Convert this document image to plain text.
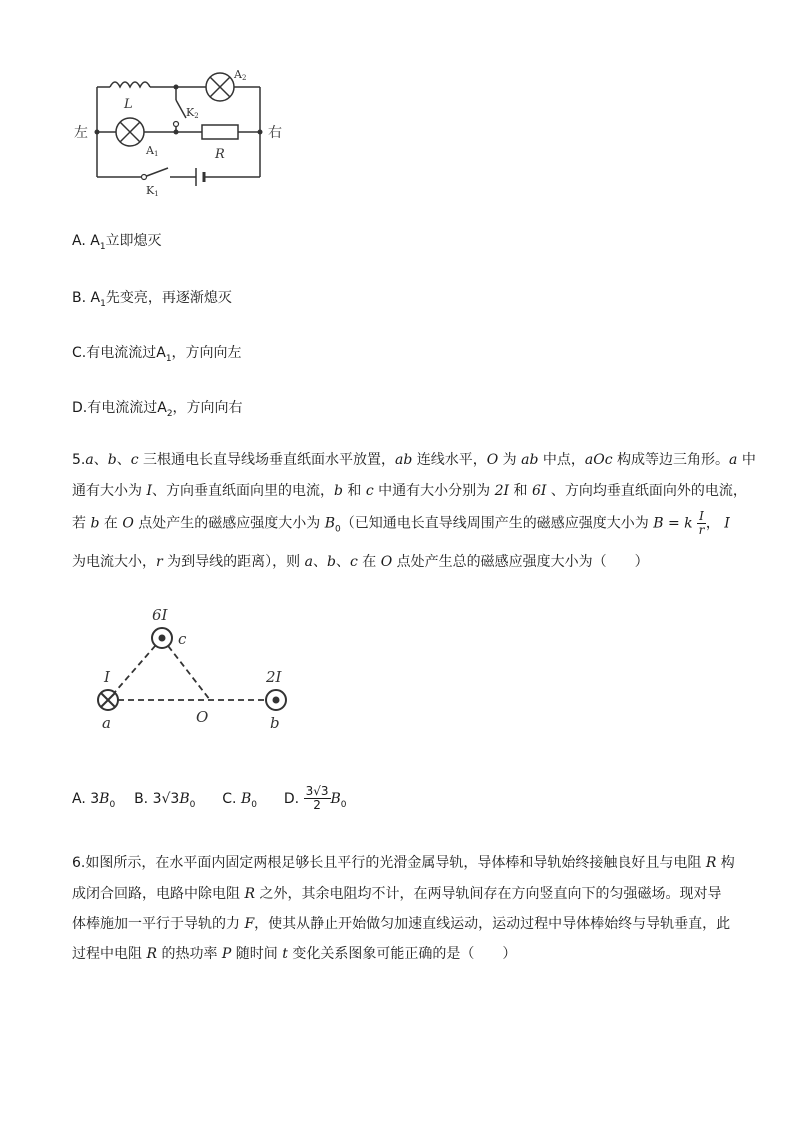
左	右
L
R
A2
A1
K2
K1
A. $A_1$立即熄灭
B. $A_1$先变亮，再逐渐熄灭
C.有电流流过$A_1$，方向向左
D.有电流流过$A_2$，方向向右
5.a、b、c 三根通电长直导线场垂直纸面水平放置，ab 连线水平，O 为 ab 中点，aOc 构成等边三角形。a 中
通有大小为 I、方向垂直纸面向里的电流，b 和 c 中通有大小分别为 2I 和 6I 、方向均垂直纸面向外的电流，
若 b 在 O 点处产生的磁感应强度大小为 $B_0$（已知通电长直导线周围产生的磁感应强度大小为 B = k $\frac{I}{r}$ ， I
为电流大小，r 为到导线的距离），则 a、b、c 在 O 点处产生总的磁感应强度大小为（　　）
6I
c
I
a
2I
b
O
A. $3B_0$ B. $3√3B_0$ C. $B_0$ D. $\frac{3√3}{2} B_0$
6.如图所示，在水平面内固定两根足够长且平行的光滑金属导轨，导体棒和导轨始终接触良好且与电阻 R 构
成闭合回路，电路中除电阻 R 之外，其余电阻均不计，在两导轨间存在方向竖直向下的匀强磁场。现对导
体棒施加一平行于导轨的力 F，使其从静止开始做匀加速直线运动，运动过程中导体棒始终与导轨垂直，此
过程中电阻 R 的热功率 P 随时间 t 变化关系图象可能正确的是（　　）
